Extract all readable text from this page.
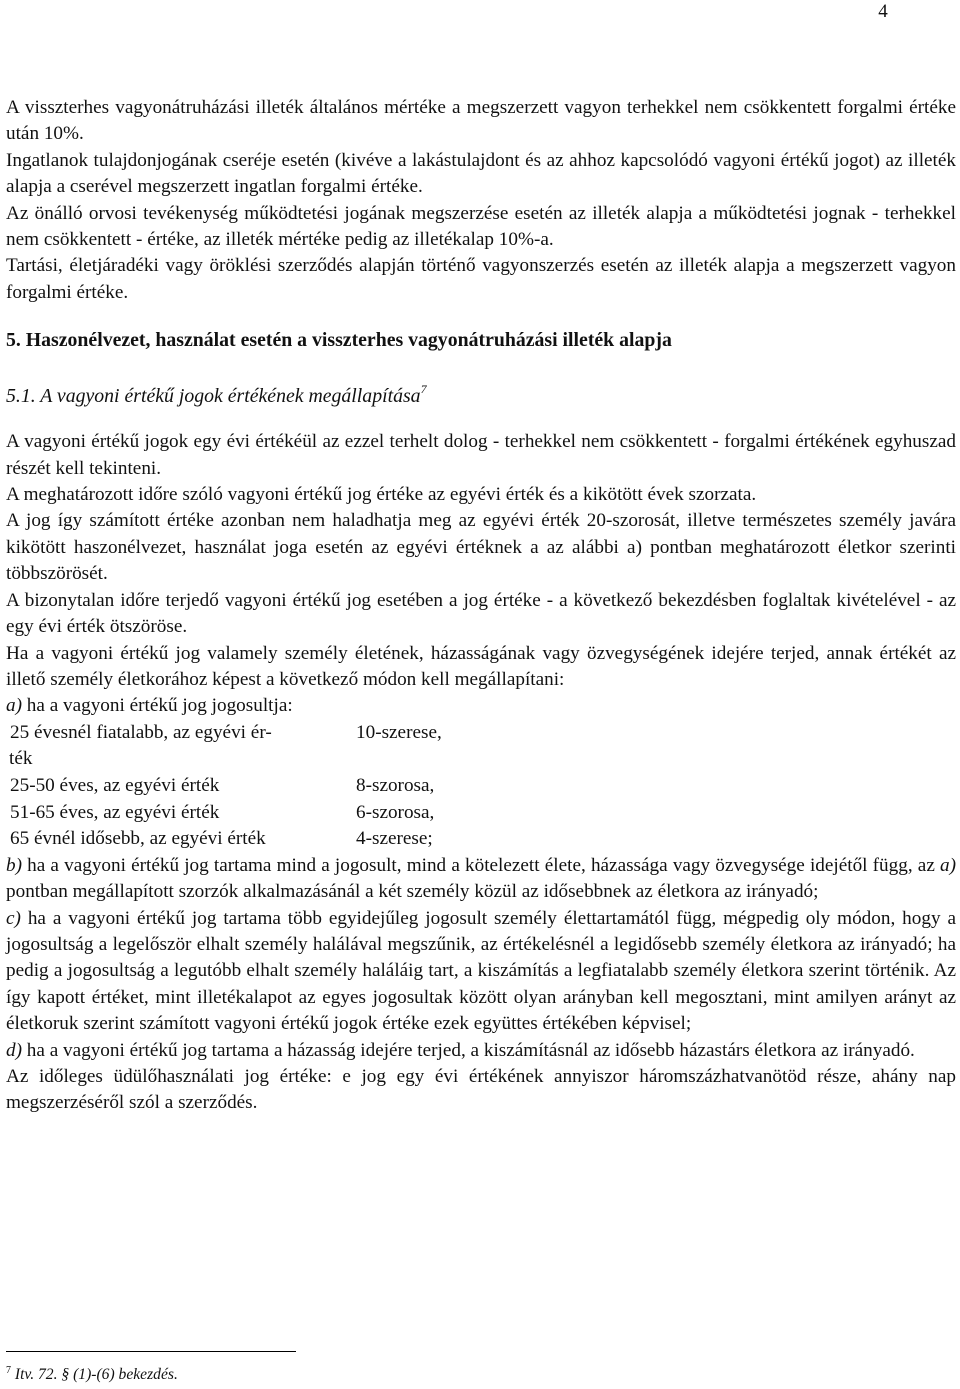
4

A visszterhes vagyonátruházási illeték általános mértéke a megszerzett vagyon terhekkel nem csökkentett forgalmi értéke után 10%.

Ingatlanok tulajdonjogának cseréje esetén (kivéve a lakástulajdont és az ahhoz kapcsolódó vagyoni értékű jogot) az illeték alapja a cserével megszerzett ingatlan forgalmi értéke.

Az önálló orvosi tevékenység működtetési jogának megszerzése esetén az illeték alapja a működtetési jognak - terhekkel nem csökkentett - értéke, az illeték mértéke pedig az illetékalap 10%-a.

Tartási, életjáradéki vagy öröklési szerződés alapján történő vagyonszerzés esetén az illeték alapja a megszerzett vagyon forgalmi értéke.

5. Haszonélvezet, használat esetén a visszterhes vagyonátruházási illeték alapja

5.1. A vagyoni értékű jogok értékének megállapítása$^7$

A vagyoni értékű jogok egy évi értékéül az ezzel terhelt dolog - terhekkel nem csökkentett - forgalmi értékének egyhuszad részét kell tekinteni.

A meghatározott időre szóló vagyoni értékű jog értéke az egyévi érték és a kikötött évek szorzata.

A jog így számított értéke azonban nem haladhatja meg az egyévi érték 20-szorosát, illetve természetes személy javára kikötött haszonélvezet, használat joga esetén az egyévi értéknek a az alábbi a) pontban meghatározott életkor szerinti többszörösét.

A bizonytalan időre terjedő vagyoni értékű jog esetében a jog értéke - a következő bekezdésben foglaltak kivételével - az egy évi érték ötszöröse.

Ha a vagyoni értékű jog valamely személy életének, házasságának vagy özvegységének idejére terjed, annak értékét az illető személy életkorához képest a következő módon kell megállapítani:

a) ha a vagyoni értékű jog jogosultja:

25 évesnél fiatalabb, az egyévi ér-	10-szerese,
ték	
25-50 éves, az egyévi érték	8-szorosa,
51-65 éves, az egyévi érték	6-szorosa,
65 évnél idősebb, az egyévi érték	4-szerese;

b) ha a vagyoni értékű jog tartama mind a jogosult, mind a kötelezett élete, házassága vagy özvegysége idejétől függ, az a) pontban megállapított szorzók alkalmazásánál a két személy közül az idősebbnek az életkora az irányadó;

c) ha a vagyoni értékű jog tartama több egyidejűleg jogosult személy élettartamától függ, mégpedig oly módon, hogy a jogosultság a legelőször elhalt személy halálával megszűnik, az értékelésnél a legidősebb személy életkora az irányadó; ha pedig a jogosultság a legutóbb elhalt személy haláláig tart, a kiszámítás a legfiatalabb személy életkora szerint történik. Az így kapott értéket, mint illetékalapot az egyes jogosultak között olyan arányban kell megosztani, mint amilyen arányt az életkoruk szerint számított vagyoni értékű jogok értéke ezek együttes értékében képvisel;

d) ha a vagyoni értékű jog tartama a házasság idejére terjed, a kiszámításnál az idősebb házastárs életkora az irányadó.

Az időleges üdülőhasználati jog értéke: e jog egy évi értékének annyiszor háromszázhatvanötöd része, ahány nap megszerzéséről szól a szerződés.

$^7$ Itv. 72. § (1)-(6) bekezdés.
